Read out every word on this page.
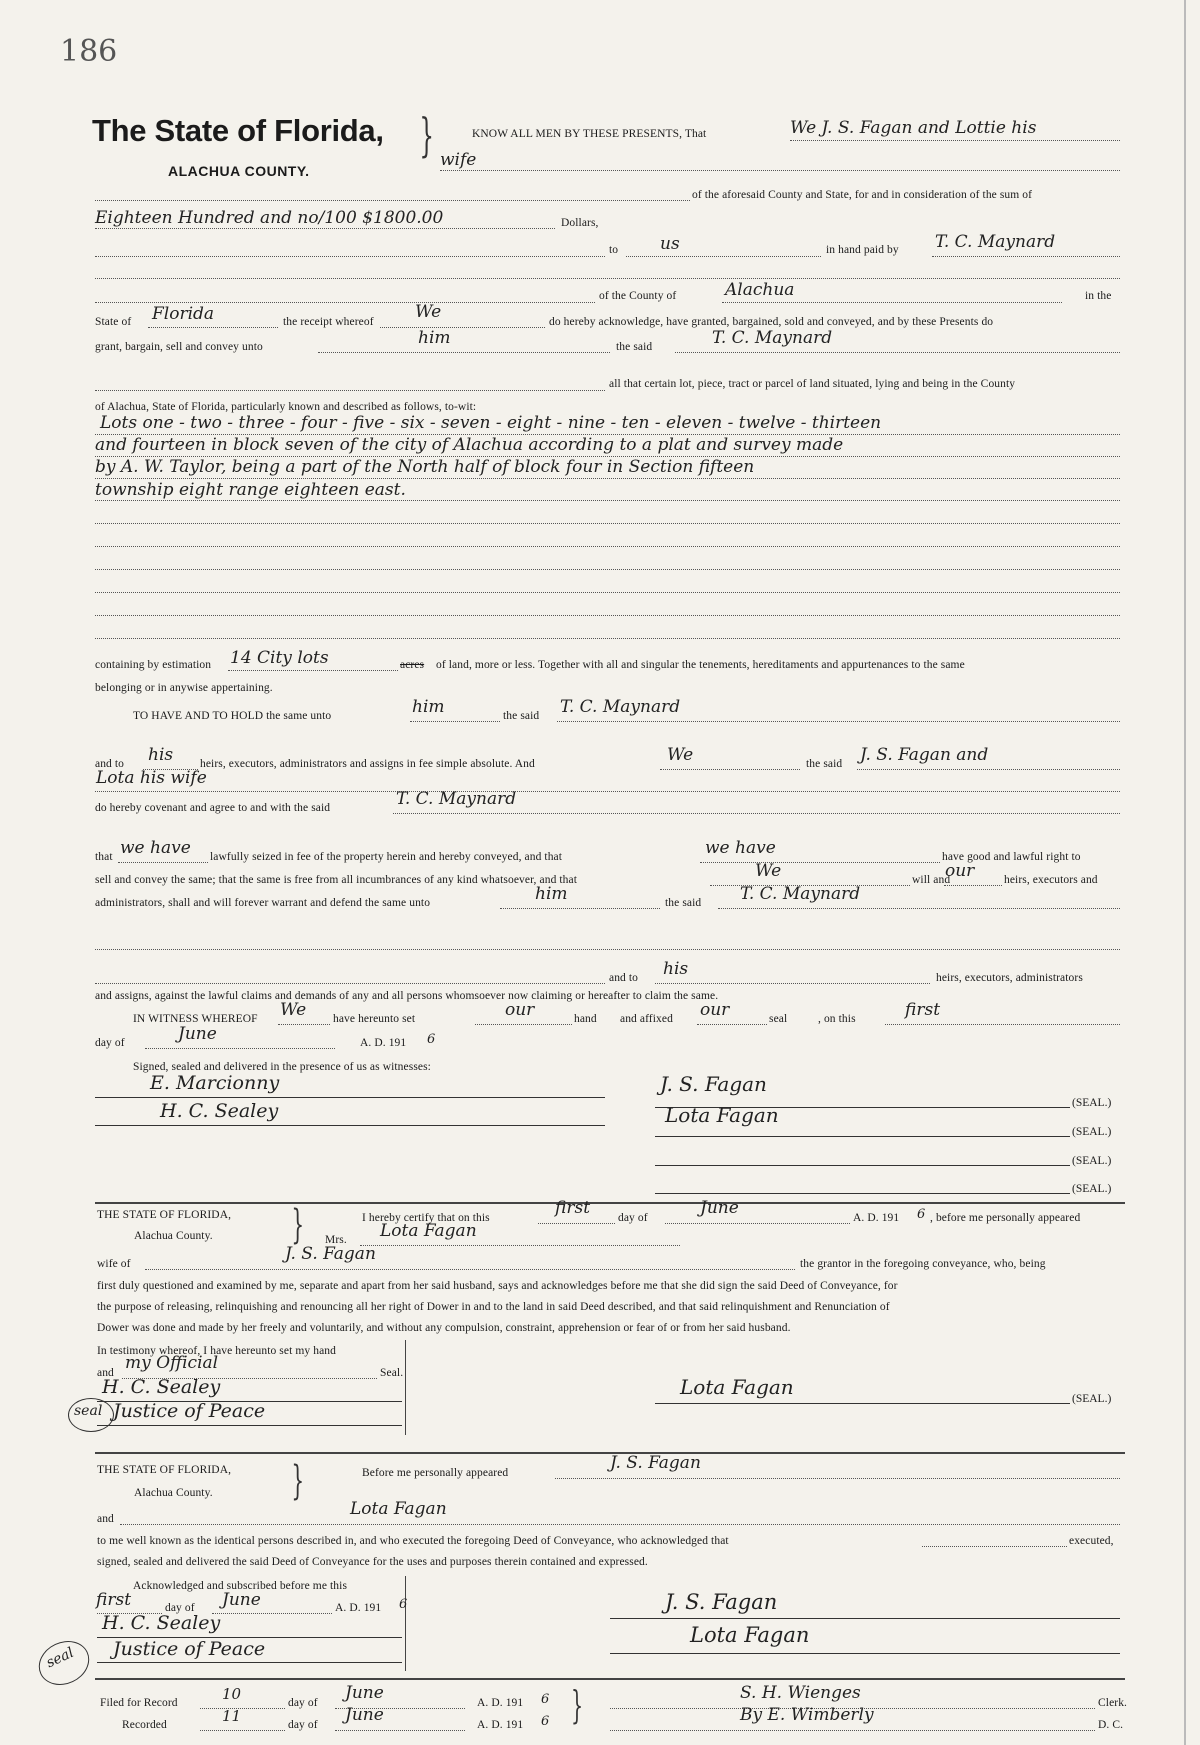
186
The State of Florida,
ALACHUA COUNTY.
}	KNOW ALL MEN BY THESE PRESENTS, That	We J. S. Fagan and Lottie his
wife
of the aforesaid County and State, for and in consideration of the sum of
Eighteen Hundred and no/100 $1800.00	Dollars,
to us	in hand paid by T. C. Maynard
of the County of	Alachua	in the
State of Florida	the receipt whereof We	do hereby acknowledge, have granted, bargained, sold and conveyed, and by these Presents do
grant, bargain, sell and convey unto	him	the said	T. C. Maynard
all that certain lot, piece, tract or parcel of land situated, lying and being in the County
of Alachua, State of Florida, particularly known and described as follows, to-wit:
Lots one - two - three - four - five - six - seven - eight - nine - ten - eleven - twelve - thirteen
and fourteen in block seven of the city of Alachua according to a plat and survey made
by A. W. Taylor, being a part of the North half of block four in Section fifteen
township eight range eighteen east.
containing by estimation 14 City lots	acres of land, more or less. Together with all and singular the tenements, hereditaments and appurtenances to the same
belonging or in anywise appertaining.
TO HAVE AND TO HOLD the same unto	him	the said T. C. Maynard
and to his heirs, executors, administrators and assigns in fee simple absolute. And	We	the said J. S. Fagan and
Lota his wife
do hereby covenant and agree to and with the said	T. C. Maynard
that we have lawfully seized in fee of the property herein and hereby conveyed, and that	we have	have good and lawful right to
sell and convey the same; that the same is free from all incumbrances of any kind whatsoever, and that	We	will and
our	heirs, executors and
administrators, shall and will forever warrant and defend the same unto	him	the said T. C. Maynard
and to his	heirs, executors, administrators
and assigns, against the lawful claims and demands of any and all persons whomsoever now claiming or hereafter to claim the same.
IN WITNESS WHEREOF We have hereunto set	our	hand and affixed our	seal	, on this	first
day of	June	A. D. 191 6
Signed, sealed and delivered in the presence of us as witnesses:
E. Marcionny
H. C. Sealey
J. S. Fagan
(SEAL.)
Lota Fagan
(SEAL.)
(SEAL.)
(SEAL.)
THE STATE OF FLORIDA,
Alachua County. }	I hereby certify that on this	first day of	June	A. D. 191 6 , before me personally appeared
Mrs. Lota Fagan
wife of	J. S. Fagan	the grantor in the foregoing conveyance, who, being
first duly questioned and examined by me, separate and apart from her said husband, says and acknowledges before me that she did sign the said Deed of Conveyance, for
the purpose of releasing, relinquishing and renouncing all her right of Dower in and to the land in said Deed described, and that said relinquishment and Renunciation of
Dower was done and made by her freely and voluntarily, and without any compulsion, constraint, apprehension or fear of or from her said husband.
In testimony whereof, I have hereunto set my hand
and my Official	Seal.
H. C. Sealey
Justice of Peace
seal
Lota Fagan	(SEAL.)
THE STATE OF FLORIDA,
Alachua County. }	Before me personally appeared	J. S. Fagan
and	Lota Fagan
to me well known as the identical persons described in, and who executed the foregoing Deed of Conveyance, who acknowledged that	executed,
signed, sealed and delivered the said Deed of Conveyance for the uses and purposes therein contained and expressed.
Acknowledged and subscribed before me this
first	day of June	A. D. 191 6
H. C. Sealey
Justice of Peace
seal
J. S. Fagan
Lota Fagan
Filed for Record	10	day of June	A. D. 191 6
Recorded	11	day of June	A. D. 191 6 }	S. H. Wienges	Clerk.
By E. Wimberly	D. C.
